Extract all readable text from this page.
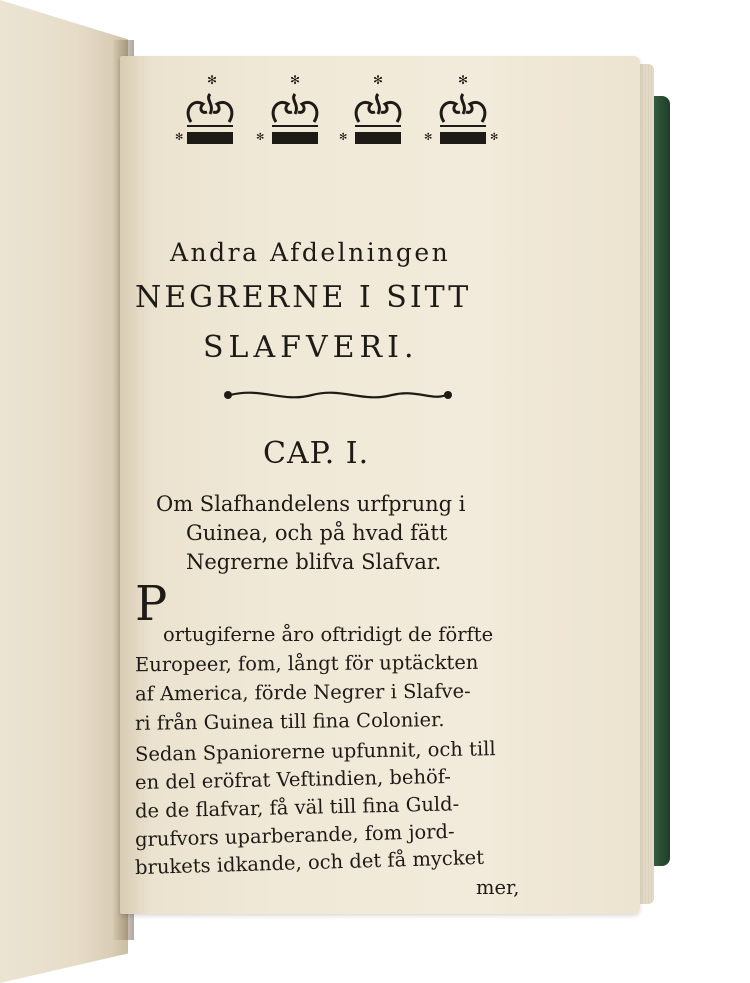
✻
✻
✻
✻
✻
✻
✻
✻	✻

Andra Afdelningen

NEGRERNE I SITT

SLAFVERI.

CAP. I.

Om Slafhandelens urfprung i

Guinea, och på hvad fätt

Negrerne blifva Slafvar.

P

ortugiferne åro oftridigt de förfte

Europeer, fom, långt för uptäckten

af America, förde Negrer i Slafve-

ri från Guinea till fina Colonier.

Sedan Spaniorerne upfunnit, och till

en del eröfrat Veftindien, behöf-

de de flafvar, få väl till fina Guld-

grufvors uparberande, fom jord-

brukets idkande, och det få mycket

mer,
